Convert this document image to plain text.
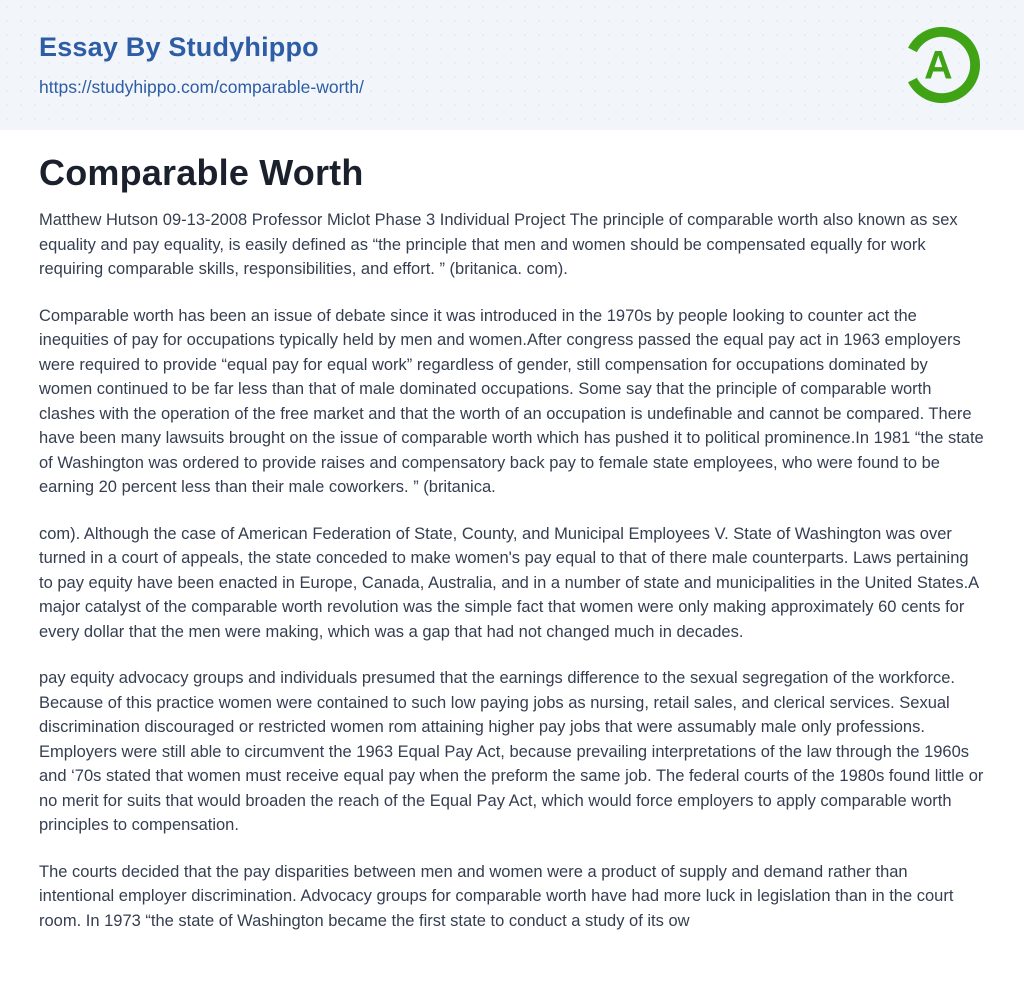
Essay By Studyhippo
https://studyhippo.com/comparable-worth/	A
Comparable Worth

Matthew Hutson 09-13-2008 Professor Miclot Phase 3 Individual Project The principle of comparable worth also known as sex equality and pay equality, is easily defined as “the principle that men and women should be compensated equally for work requiring comparable skills, responsibilities, and effort. ” (britanica. com).

Comparable worth has been an issue of debate since it was introduced in the 1970s by people looking to counter act the inequities of pay for occupations typically held by men and women.After congress passed the equal pay act in 1963 employers were required to provide “equal pay for equal work” regardless of gender, still compensation for occupations dominated by women continued to be far less than that of male dominated occupations. Some say that the principle of comparable worth clashes with the operation of the free market and that the worth of an occupation is undefinable and cannot be compared. There have been many lawsuits brought on the issue of comparable worth which has pushed it to political prominence.In 1981 “the state of Washington was ordered to provide raises and compensatory back pay to female state employees, who were found to be earning 20 percent less than their male coworkers. ” (britanica.

com). Although the case of American Federation of State, County, and Municipal Employees V. State of Washington was over turned in a court of appeals, the state conceded to make women's pay equal to that of there male counterparts. Laws pertaining to pay equity have been enacted in Europe, Canada, Australia, and in a number of state and municipalities in the United States.A major catalyst of the comparable worth revolution was the simple fact that women were only making approximately 60 cents for every dollar that the men were making, which was a gap that had not changed much in decades.

pay equity advocacy groups and individuals presumed that the earnings difference to the sexual segregation of the workforce. Because of this practice women were contained to such low paying jobs as nursing, retail sales, and clerical services. Sexual discrimination discouraged or restricted women rom attaining higher pay jobs that were assumably male only professions. Employers were still able to circumvent the 1963 Equal Pay Act, because prevailing interpretations of the law through the 1960s and ‘70s stated that women must receive equal pay when the preform the same job. The federal courts of the 1980s found little or no merit for suits that would broaden the reach of the Equal Pay Act, which would force employers to apply comparable worth principles to compensation.

The courts decided that the pay disparities between men and women were a product of supply and demand rather than intentional employer discrimination. Advocacy groups for comparable worth have had more luck in legislation than in the court room. In 1973 “the state of Washington became the first state to conduct a study of its ow
